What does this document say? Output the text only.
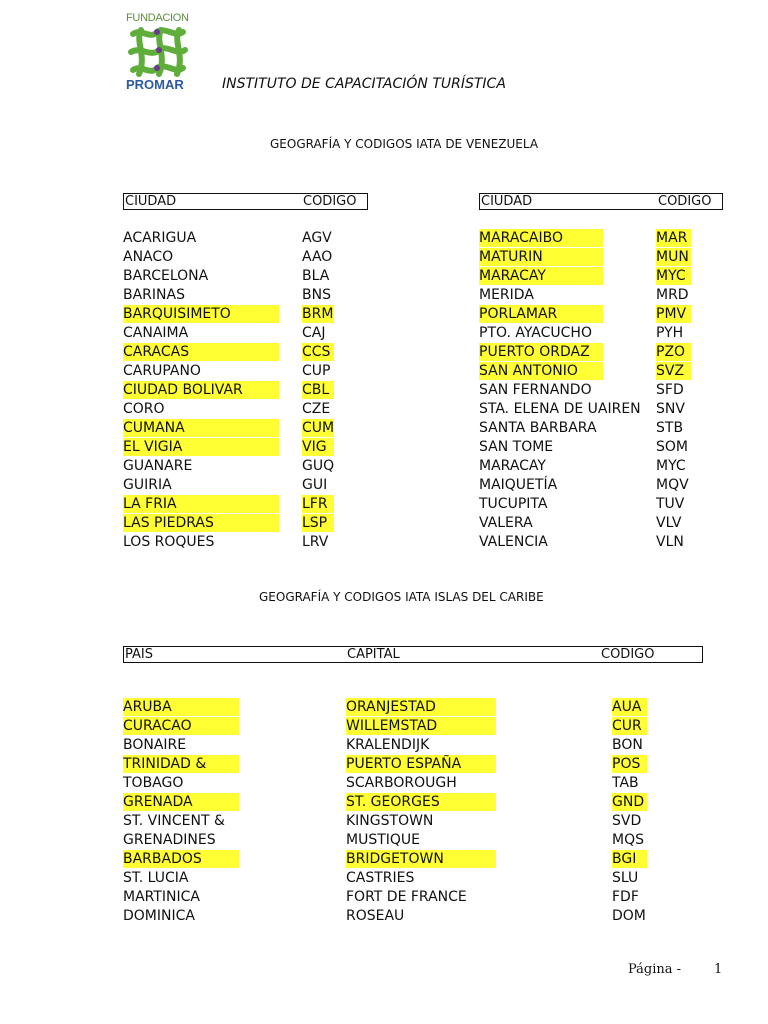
FUNDACION
PROMAR	INSTITUTO DE CAPACITACIÓN TURÍSTICA
GEOGRAFÍA Y CODIGOS IATA DE VENEZUELA
CIUDAD	CODIGO	CIUDAD	CODIGO
ACARIGUA	AGV
ANACO	AAO
BARCELONA	BLA
BARINAS	BNS
BARQUISIMETO	BRM
CANAIMA	CAJ
CARACAS	CCS
CARUPANO	CUP
CIUDAD BOLIVAR	CBL
CORO	CZE
CUMANA	CUM
EL VIGIA	VIG
GUANARE	GUQ
GUIRIA	GUI
LA FRIA	LFR
LAS PIEDRAS	LSP
LOS ROQUES	LRV
MARACAIBO	MAR
MATURIN	MUN
MARACAY	MYC
MERIDA	MRD
PORLAMAR	PMV
PTO. AYACUCHO	PYH
PUERTO ORDAZ	PZO
SAN ANTONIO	SVZ
SAN FERNANDO	SFD
STA. ELENA DE UAIREN SNV
SANTA BARBARA	STB
SAN TOME	SOM
MARACAY	MYC
MAIQUETÍA	MQV
TUCUPITA	TUV
VALERA	VLV
VALENCIA	VLN
GEOGRAFÍA Y CODIGOS IATA ISLAS DEL CARIBE
PAIS	CAPITAL	CODIGO
ARUBA	ORANJESTAD	AUA
CURACAO	WILLEMSTAD	CUR
BONAIRE	KRALENDIJK	BON
TRINIDAD &	PUERTO ESPAÑA	POS
TOBAGO	SCARBOROUGH	TAB
GRENADA	ST. GEORGES	GND
ST. VINCENT &	KINGSTOWN	SVD
GRENADINES	MUSTIQUE	MQS
BARBADOS	BRIDGETOWN	BGI
ST. LUCIA	CASTRIES	SLU
MARTINICA	FORT DE FRANCE	FDF
DOMINICA	ROSEAU	DOM
Página -	1
